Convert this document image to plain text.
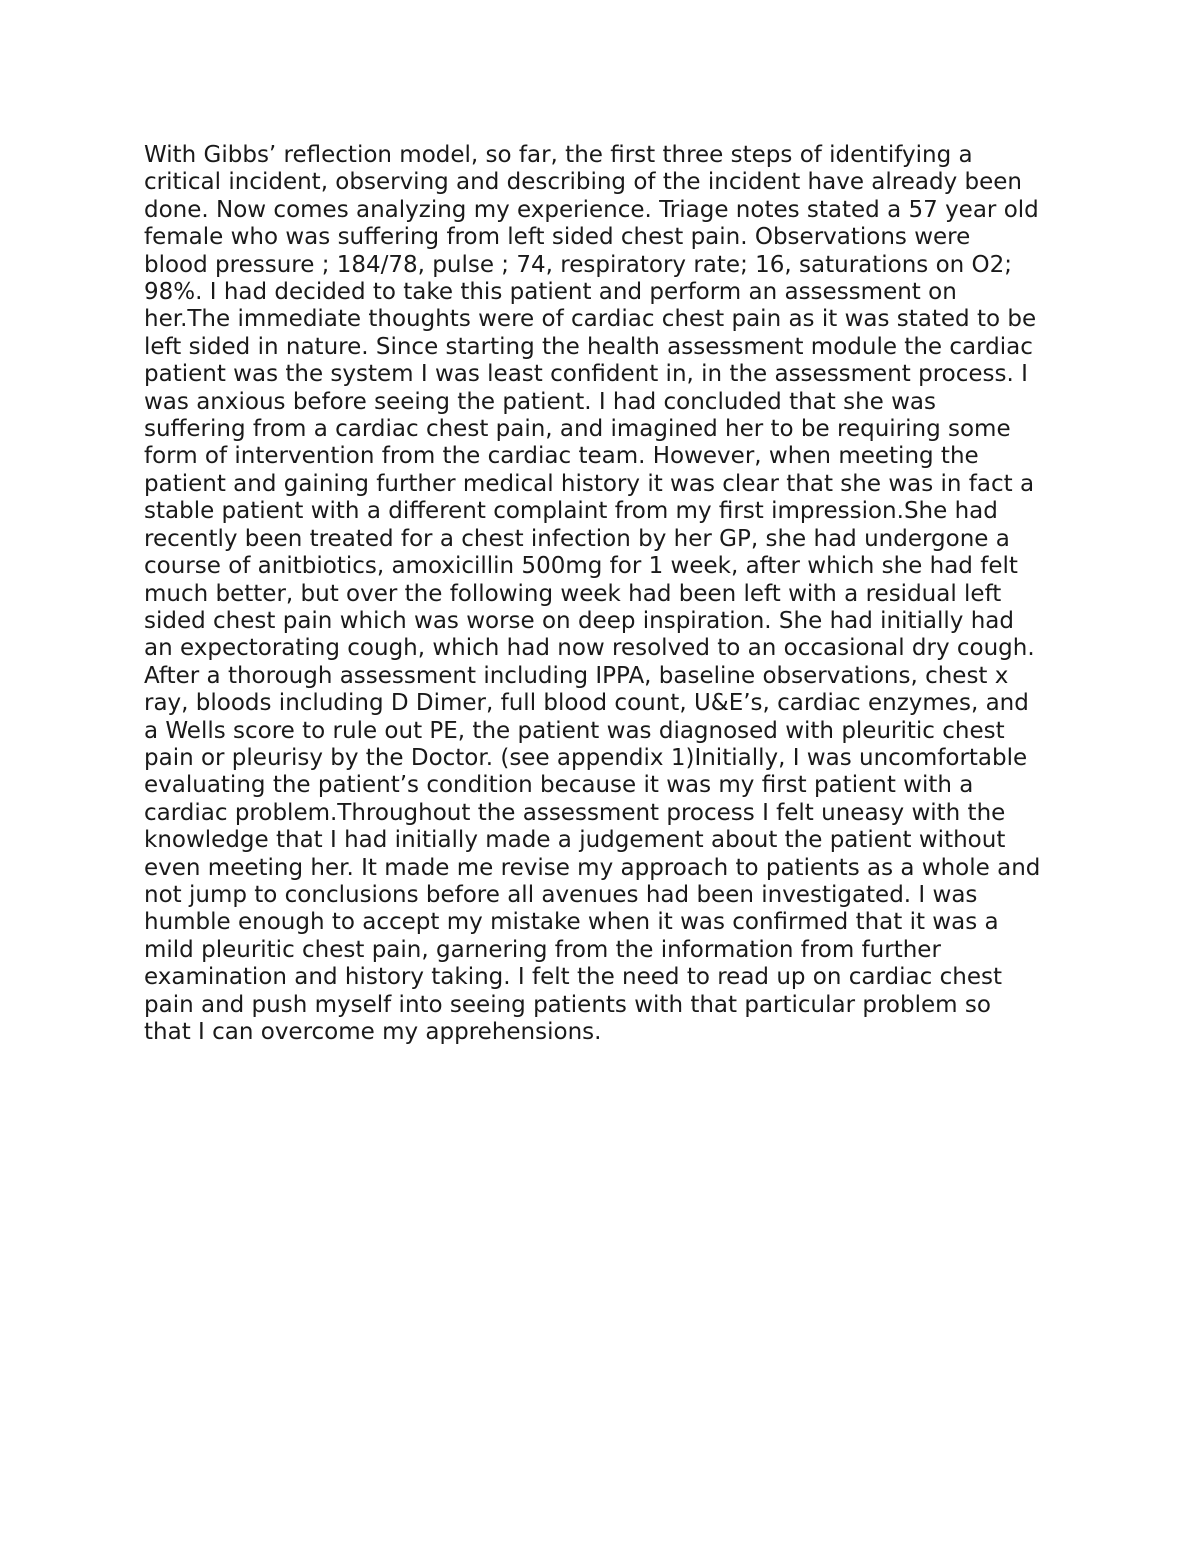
With Gibbs’ reflection model, so far, the first three steps of identifying a
critical incident, observing and describing of the incident have already been
done. Now comes analyzing my experience. Triage notes stated a 57 year old
female who was suffering from left sided chest pain. Observations were
blood pressure ; 184/78, pulse ; 74, respiratory rate; 16, saturations on O2;
98%. I had decided to take this patient and perform an assessment on
her.The immediate thoughts were of cardiac chest pain as it was stated to be
left sided in nature. Since starting the health assessment module the cardiac
patient was the system I was least confident in, in the assessment process. I
was anxious before seeing the patient. I had concluded that she was
suffering from a cardiac chest pain, and imagined her to be requiring some
form of intervention from the cardiac team. However, when meeting the
patient and gaining further medical history it was clear that she was in fact a
stable patient with a different complaint from my first impression.She had
recently been treated for a chest infection by her GP, she had undergone a
course of anitbiotics, amoxicillin 500mg for 1 week, after which she had felt
much better, but over the following week had been left with a residual left
sided chest pain which was worse on deep inspiration. She had initially had
an expectorating cough, which had now resolved to an occasional dry cough.
After a thorough assessment including IPPA, baseline observations, chest x
ray, bloods including D Dimer, full blood count, U&E’s, cardiac enzymes, and
a Wells score to rule out PE, the patient was diagnosed with pleuritic chest
pain or pleurisy by the Doctor. (see appendix 1)Initially, I was uncomfortable
evaluating the patient’s condition because it was my first patient with a
cardiac problem.Throughout the assessment process I felt uneasy with the
knowledge that I had initially made a judgement about the patient without
even meeting her. It made me revise my approach to patients as a whole and
not jump to conclusions before all avenues had been investigated. I was
humble enough to accept my mistake when it was confirmed that it was a
mild pleuritic chest pain, garnering from the information from further
examination and history taking. I felt the need to read up on cardiac chest
pain and push myself into seeing patients with that particular problem so
that I can overcome my apprehensions.
